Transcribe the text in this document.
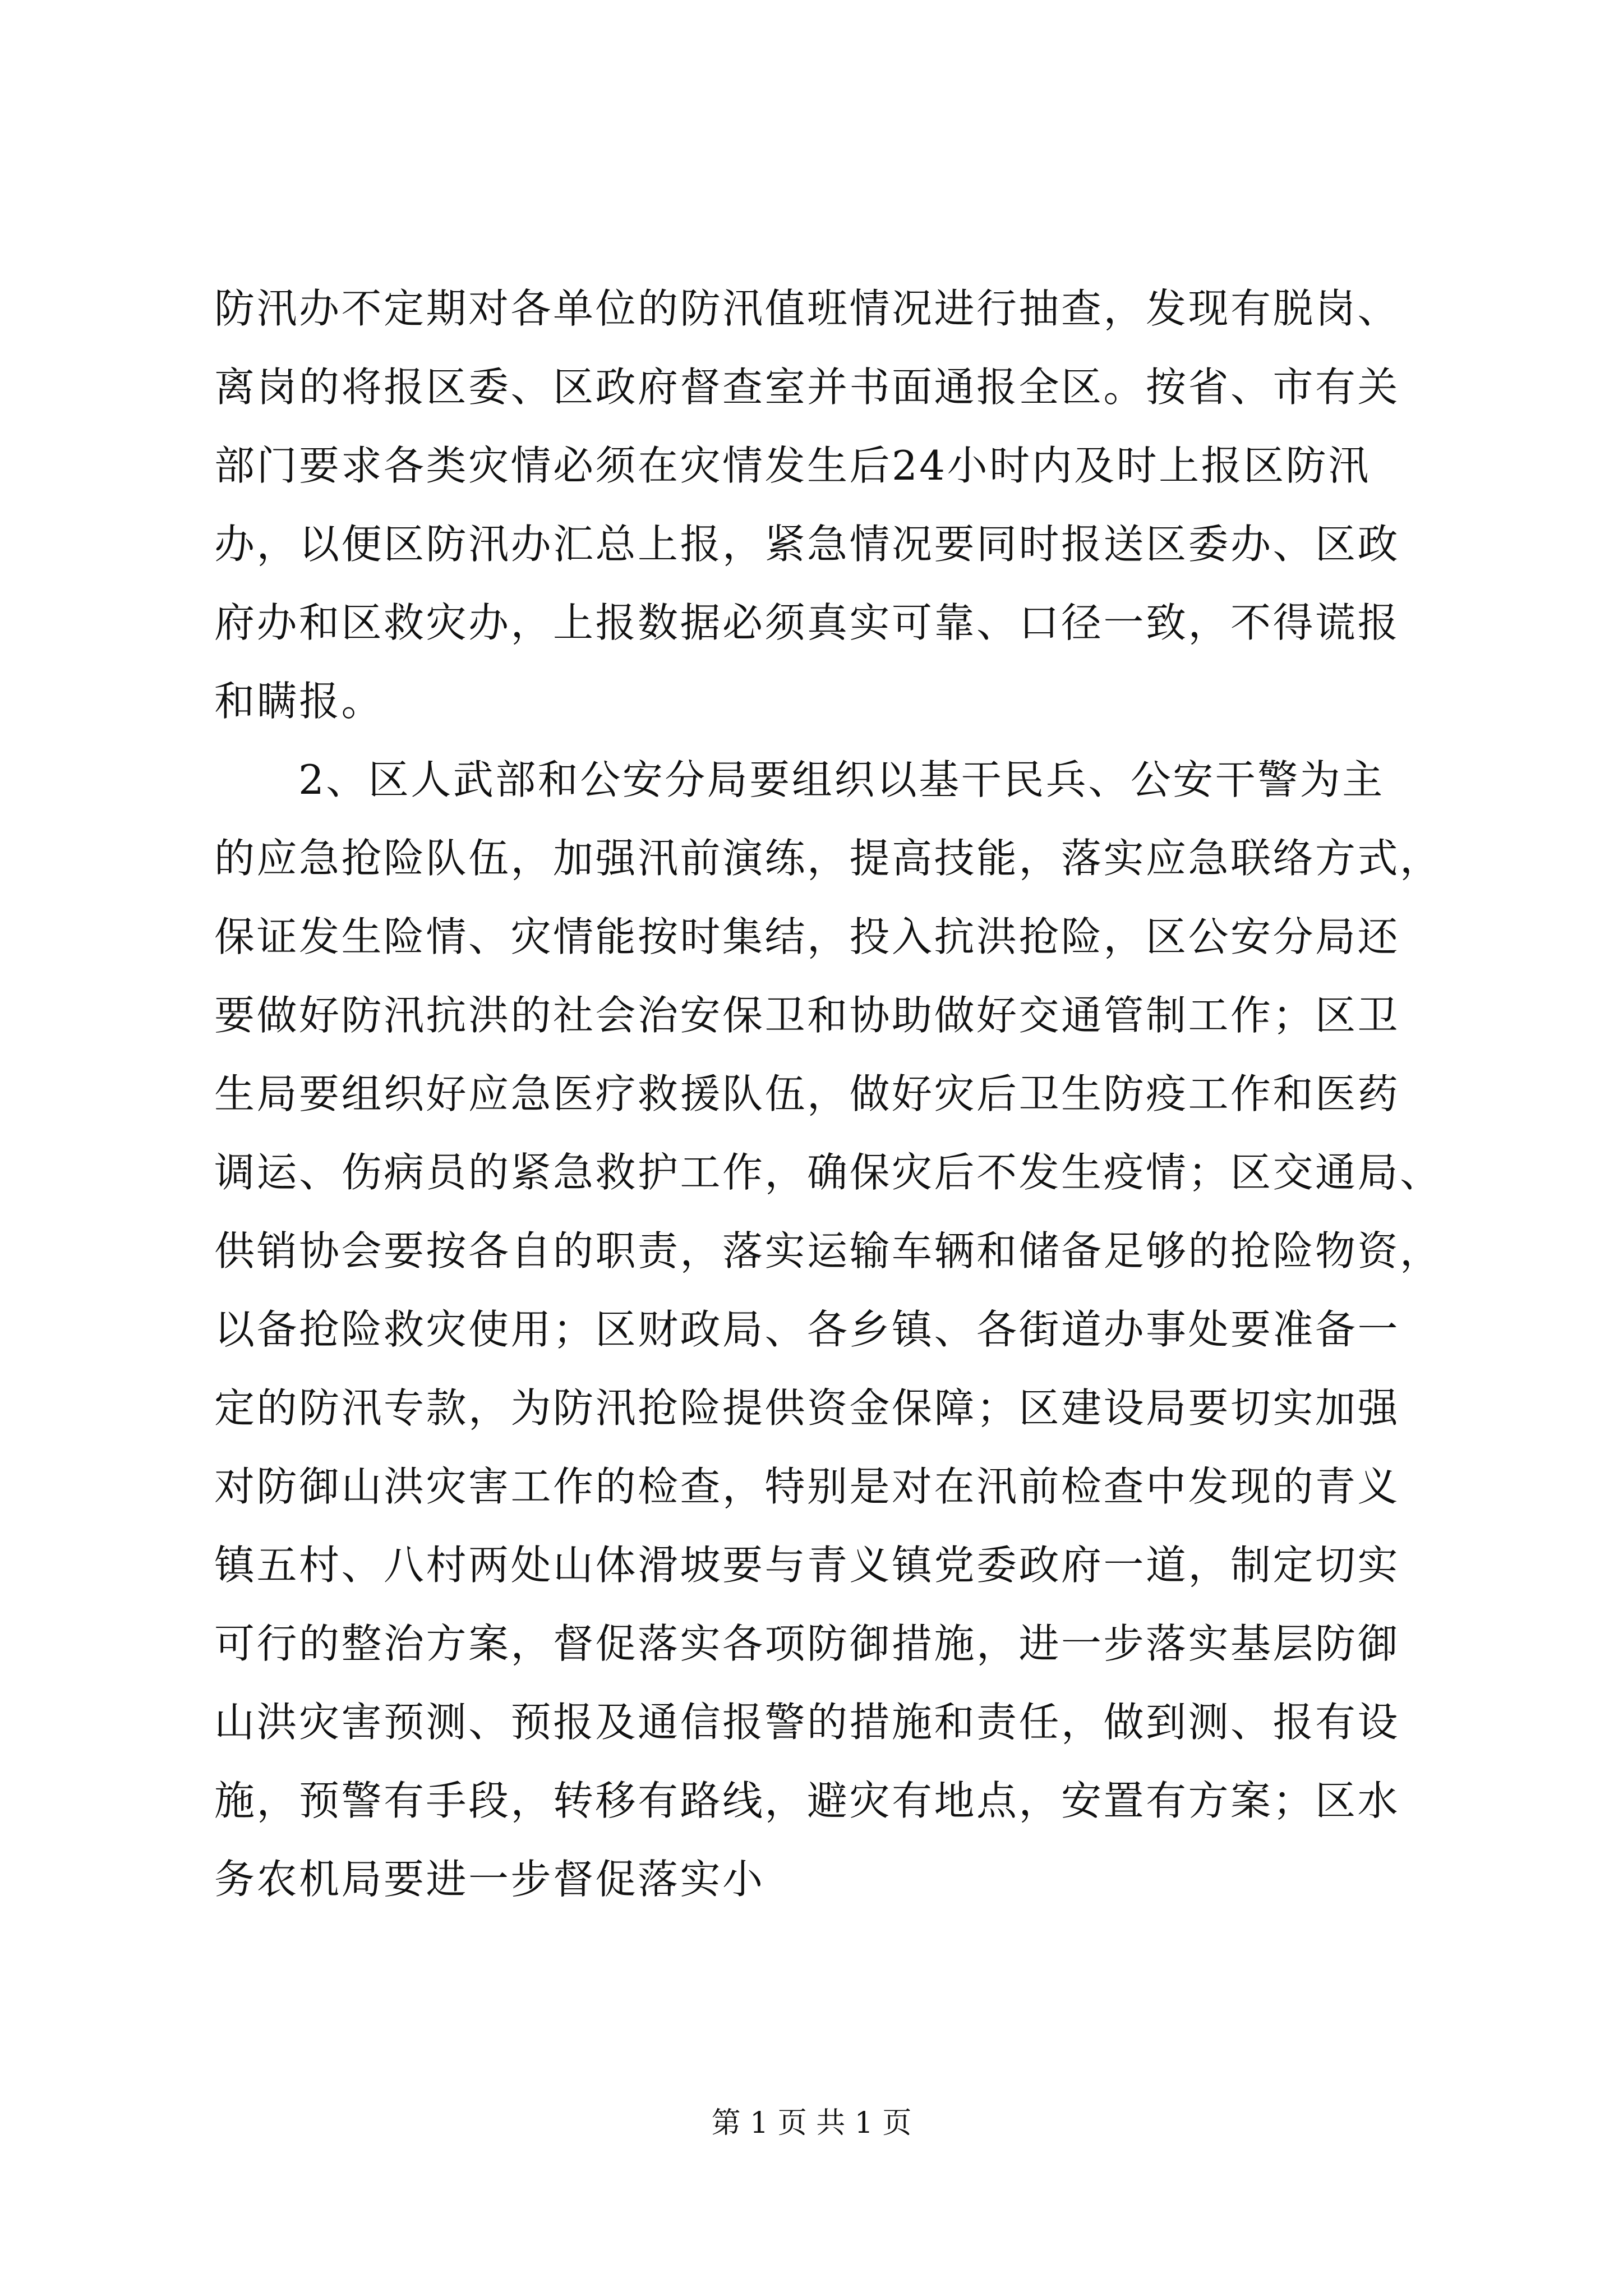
防汛办不定期对各单位的防汛值班情况进行抽查，发现有脱岗、
离岗的将报区委、区政府督查室并书面通报全区。按省、市有关
部门要求各类灾情必须在灾情发生后24小时内及时上报区防汛
办，以便区防汛办汇总上报，紧急情况要同时报送区委办、区政
府办和区救灾办，上报数据必须真实可靠、口径一致，不得谎报
和瞒报。
2、区人武部和公安分局要组织以基干民兵、公安干警为主
的应急抢险队伍，加强汛前演练，提高技能，落实应急联络方式，
保证发生险情、灾情能按时集结，投入抗洪抢险，区公安分局还
要做好防汛抗洪的社会治安保卫和协助做好交通管制工作；区卫
生局要组织好应急医疗救援队伍，做好灾后卫生防疫工作和医药
调运、伤病员的紧急救护工作，确保灾后不发生疫情；区交通局、
供销协会要按各自的职责，落实运输车辆和储备足够的抢险物资，
以备抢险救灾使用；区财政局、各乡镇、各街道办事处要准备一
定的防汛专款，为防汛抢险提供资金保障；区建设局要切实加强
对防御山洪灾害工作的检查，特别是对在汛前检查中发现的青义
镇五村、八村两处山体滑坡要与青义镇党委政府一道，制定切实
可行的整治方案，督促落实各项防御措施，进一步落实基层防御
山洪灾害预测、预报及通信报警的措施和责任，做到测、报有设
施，预警有手段，转移有路线，避灾有地点，安置有方案；区水
务农机局要进一步督促落实小
第 1 页 共 1 页
